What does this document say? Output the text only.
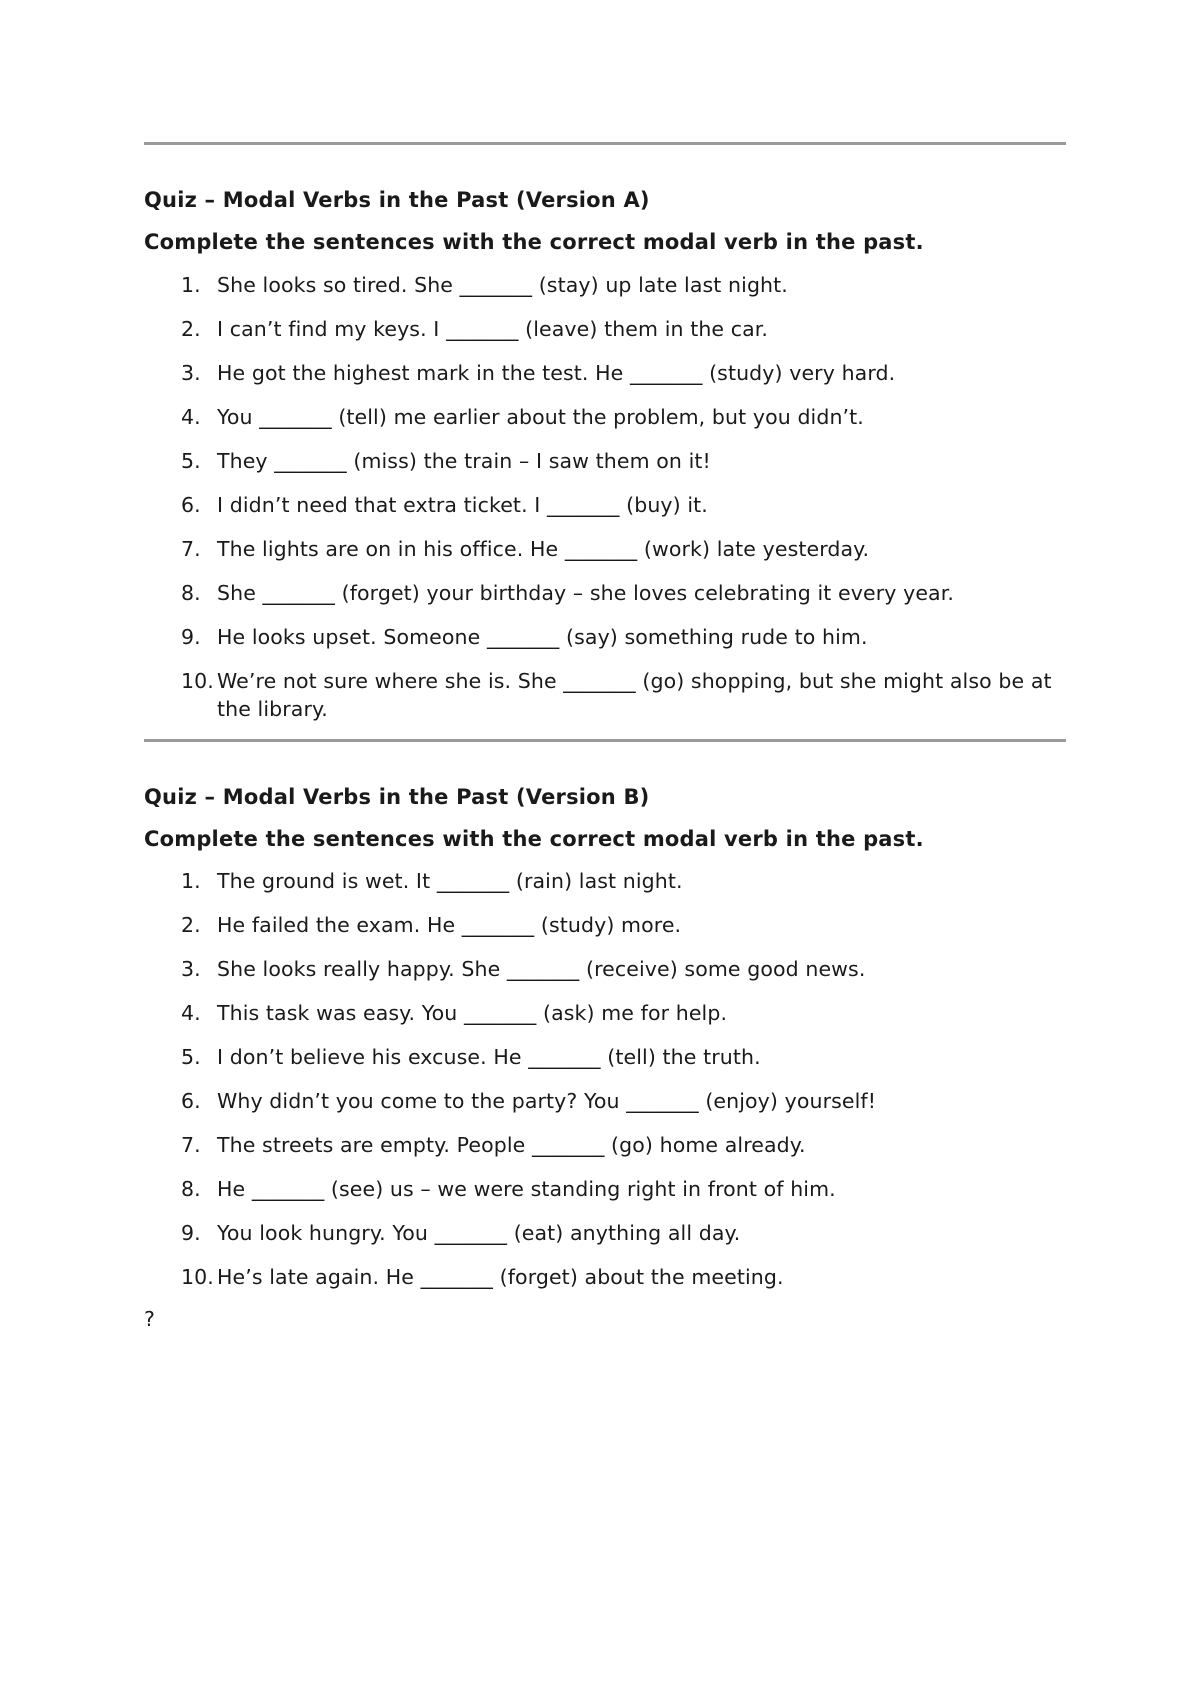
Quiz – Modal Verbs in the Past (Version A)
Complete the sentences with the correct modal verb in the past.
1. She looks so tired. She _______ (stay) up late last night.
2. I can’t find my keys. I _______ (leave) them in the car.
3. He got the highest mark in the test. He _______ (study) very hard.
4. You _______ (tell) me earlier about the problem, but you didn’t.
5. They _______ (miss) the train – I saw them on it!
6. I didn’t need that extra ticket. I _______ (buy) it.
7. The lights are on in his office. He _______ (work) late yesterday.
8. She _______ (forget) your birthday – she loves celebrating it every year.
9. He looks upset. Someone _______ (say) something rude to him.
10. We’re not sure where she is. She _______ (go) shopping, but she might also be at the library.
Quiz – Modal Verbs in the Past (Version B)
Complete the sentences with the correct modal verb in the past.
1. The ground is wet. It _______ (rain) last night.
2. He failed the exam. He _______ (study) more.
3. She looks really happy. She _______ (receive) some good news.
4. This task was easy. You _______ (ask) me for help.
5. I don’t believe his excuse. He _______ (tell) the truth.
6. Why didn’t you come to the party? You _______ (enjoy) yourself!
7. The streets are empty. People _______ (go) home already.
8. He _______ (see) us – we were standing right in front of him.
9. You look hungry. You _______ (eat) anything all day.
10. He’s late again. He _______ (forget) about the meeting.
?
